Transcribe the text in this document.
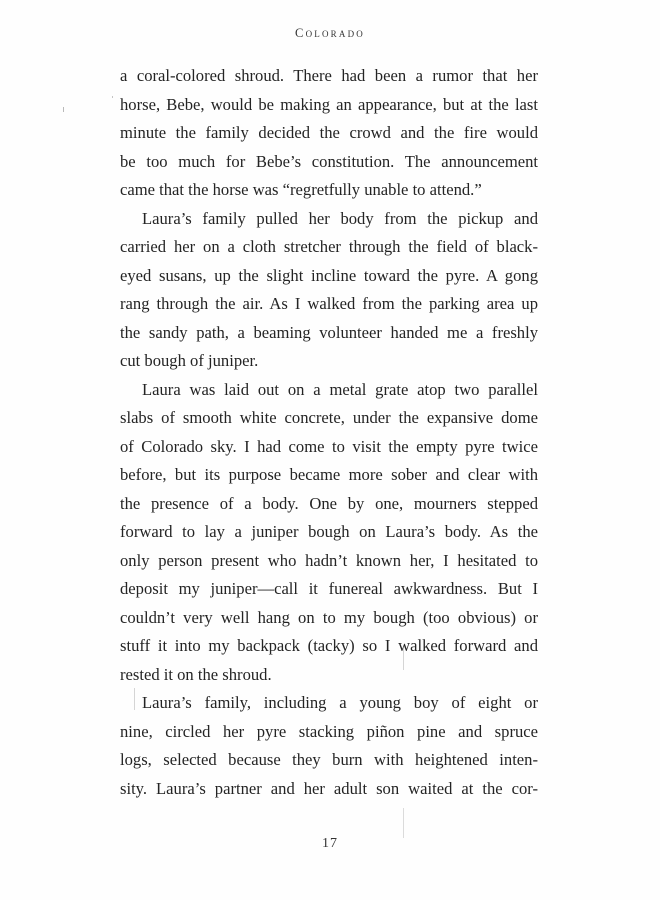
Colorado
a coral-colored shroud. There had been a rumor that her
horse, Bebe, would be making an appearance, but at the last
minute the family decided the crowd and the fire would
be too much for Bebe’s constitution. The announcement
came that the horse was “regretfully unable to attend.”
Laura’s family pulled her body from the pickup and
carried her on a cloth stretcher through the field of black-
eyed susans, up the slight incline toward the pyre. A gong
rang through the air. As I walked from the parking area up
the sandy path, a beaming volunteer handed me a freshly
cut bough of juniper.
Laura was laid out on a metal grate atop two parallel
slabs of smooth white concrete, under the expansive dome
of Colorado sky. I had come to visit the empty pyre twice
before, but its purpose became more sober and clear with
the presence of a body. One by one, mourners stepped
forward to lay a juniper bough on Laura’s body. As the
only person present who hadn’t known her, I hesitated to
deposit my juniper—call it funereal awkwardness. But I
couldn’t very well hang on to my bough (too obvious) or
stuff it into my backpack (tacky) so I walked forward and
rested it on the shroud.
Laura’s family, including a young boy of eight or
nine, circled her pyre stacking piñon pine and spruce
logs, selected because they burn with heightened inten-
sity. Laura’s partner and her adult son waited at the cor-
17
